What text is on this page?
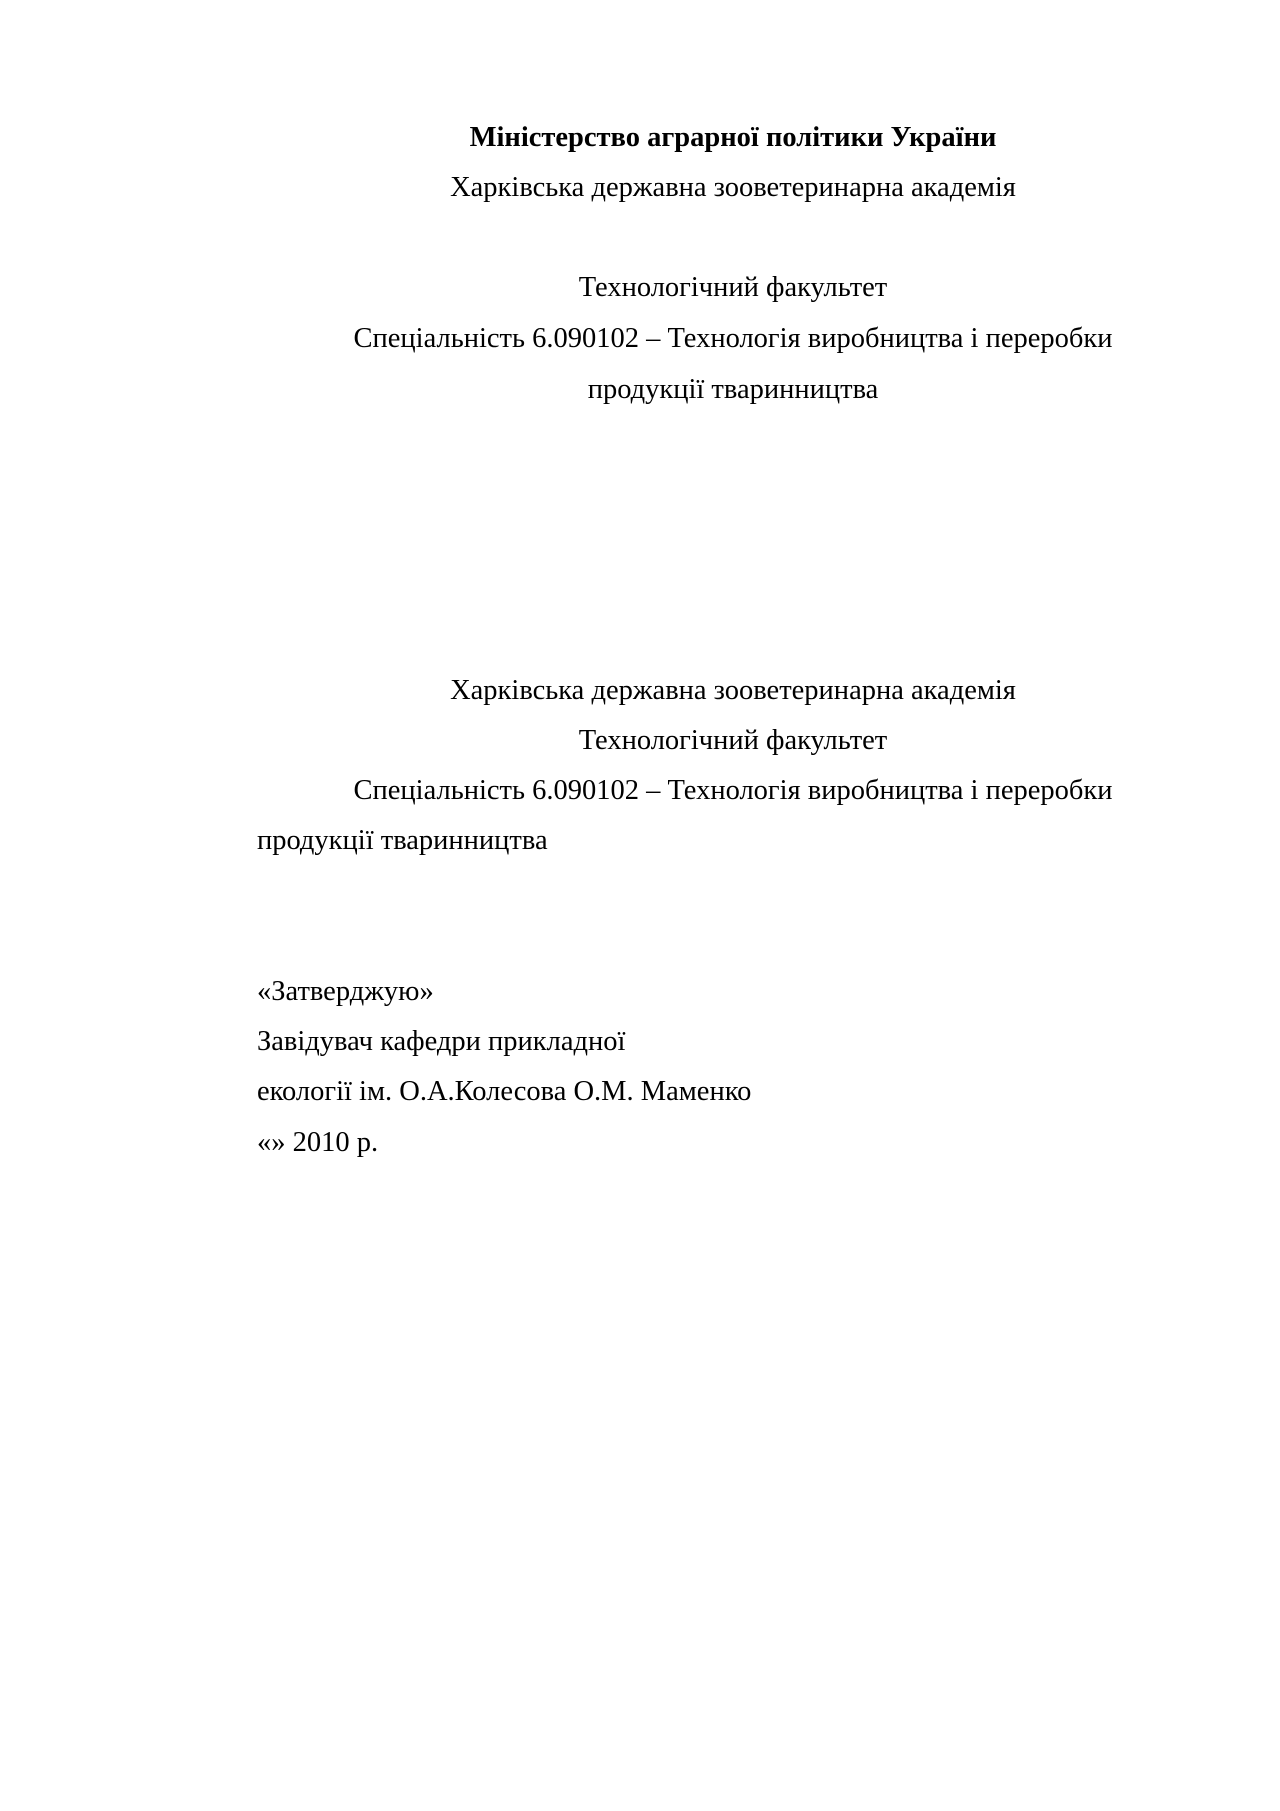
Міністерство аграрної політики України
Харківська державна зооветеринарна академія
Технологічний факультет
Спеціальність 6.090102 – Технологія виробництва і переробки
продукції тваринництва
Харківська державна зооветеринарна академія
Технологічний факультет
Спеціальність 6.090102 – Технологія виробництва і переробки
продукції тваринництва
«Затверджую»
Завідувач кафедри прикладної
екології ім. О.А.Колесова О.М. Маменко
«» 2010 р.
